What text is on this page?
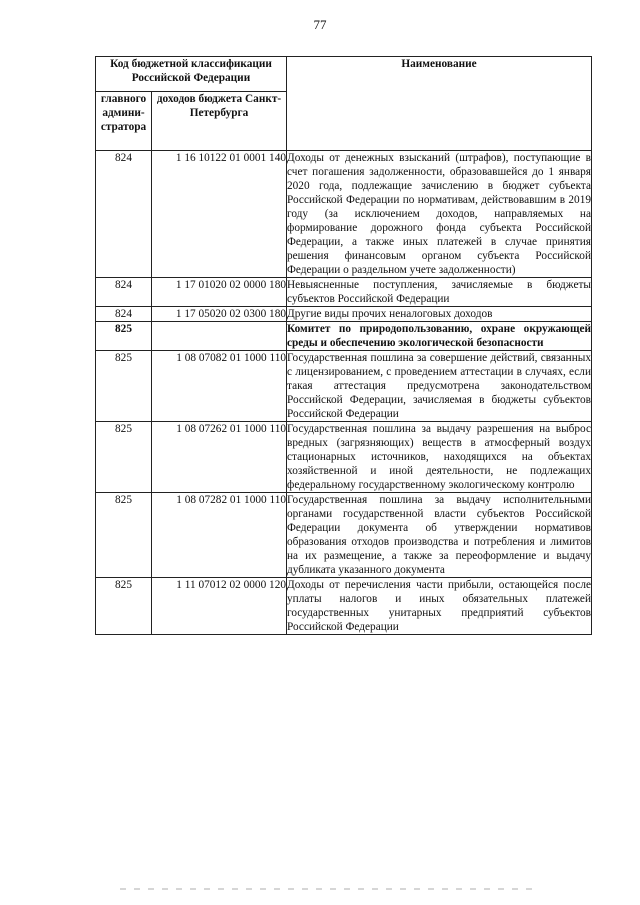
77
Код бюджетной классификации Российской Федерации		Наименование
главного админи-стратора	доходов бюджета Санкт-Петербурга	
824	1 16 10122 01 0001 140	Доходы от денежных взысканий (штрафов), поступающие в счет погашения задолженности, образовавшейся до 1 января 2020 года, подлежащие зачислению в бюджет субъекта Российской Федерации по нормативам, действовавшим в 2019 году (за исключением доходов, направляемых на формирование дорожного фонда субъекта Российской Федерации, а также иных платежей в случае принятия решения финансовым органом субъекта Российской Федерации о раздельном учете задолженности)
824	1 17 01020 02 0000 180	Невыясненные поступления, зачисляемые в бюджеты субъектов Российской Федерации
824	1 17 05020 02 0300 180	Другие виды прочих неналоговых доходов
825		Комитет по природопользованию, охране окружающей среды и обеспечению экологической безопасности
825	1 08 07082 01 1000 110	Государственная пошлина за совершение действий, связанных с лицензированием, с проведением аттестации в случаях, если такая аттестация предусмотрена законодательством Российской Федерации, зачисляемая в бюджеты субъектов Российской Федерации
825	1 08 07262 01 1000 110	Государственная пошлина за выдачу разрешения на выброс вредных (загрязняющих) веществ в атмосферный воздух стационарных источников, находящихся на объектах хозяйственной и иной деятельности, не подлежащих федеральному государственному экологическому контролю
825	1 08 07282 01 1000 110	Государственная пошлина за выдачу исполнительными органами государственной власти субъектов Российской Федерации документа об утверждении нормативов образования отходов производства и потребления и лимитов на их размещение, а также за переоформление и выдачу дубликата указанного документа
825	1 11 07012 02 0000 120	Доходы от перечисления части прибыли, остающейся после уплаты налогов и иных обязательных платежей государственных унитарных предприятий субъектов Российской Федерации
